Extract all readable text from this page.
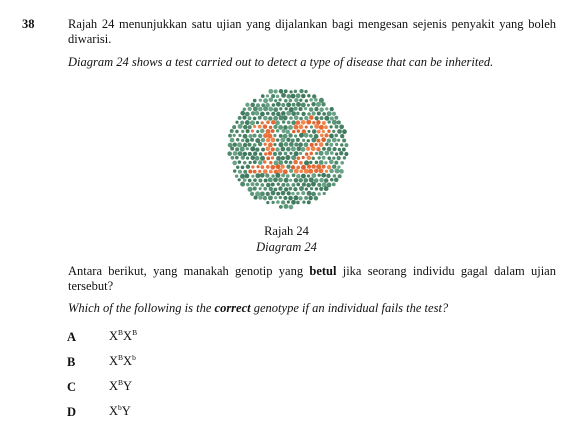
38	Rajah 24 menunjukkan satu ujian yang dijalankan bagi mengesan sejenis penyakit yang boleh diwarisi.
Diagram 24 shows a test carried out to detect a type of disease that can be inherited.
Rajah 24
Diagram 24
Antara berikut, yang manakah genotip yang betul jika seorang individu gagal dalam ujian tersebut?
Which of the following is the correct genotype if an individual fails the test?
A	$X^BX^B$
B	$X^BX^b$
C	$X^BY$
D	$X^bY$
